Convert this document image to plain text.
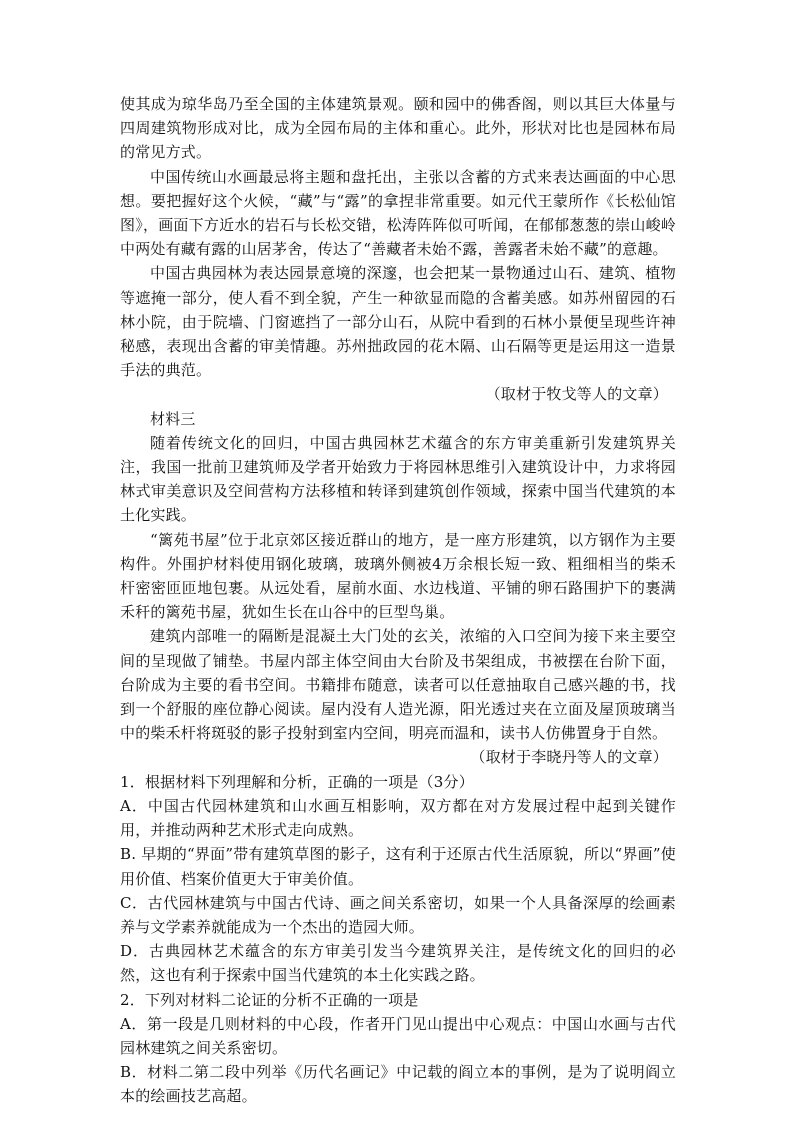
使其成为琼华岛乃至全国的主体建筑景观。颐和园中的佛香阁，则以其巨大体量与四周建筑物形成对比，成为全园布局的主体和重心。此外，形状对比也是园林布局的常见方式。

中国传统山水画最忌将主题和盘托出，主张以含蓄的方式来表达画面的中心思想。要把握好这个火候，“藏”与“露”的拿捏非常重要。如元代王蒙所作《长松仙馆图》，画面下方近水的岩石与长松交错，松涛阵阵似可听闻，在郁郁葱葱的崇山峻岭中两处有藏有露的山居茅舍，传达了“善藏者未始不露，善露者未始不藏”的意趣。

中国古典园林为表达园景意境的深邃，也会把某一景物通过山石、建筑、植物等遮掩一部分，使人看不到全貌，产生一种欲显而隐的含蓄美感。如苏州留园的石林小院，由于院墙、门窗遮挡了一部分山石，从院中看到的石林小景便呈现些许神秘感，表现出含蓄的审美情趣。苏州拙政园的花木隔、山石隔等更是运用这一造景手法的典范。

（取材于牧戈等人的文章）

材料三

随着传统文化的回归，中国古典园林艺术蕴含的东方审美重新引发建筑界关注，我国一批前卫建筑师及学者开始致力于将园林思维引入建筑设计中，力求将园林式审美意识及空间营构方法移植和转译到建筑创作领域，探索中国当代建筑的本土化实践。

“篱苑书屋”位于北京郊区接近群山的地方，是一座方形建筑，以方钢作为主要构件。外围护材料使用钢化玻璃，玻璃外侧被4万余根长短一致、粗细相当的柴禾杆密密匝匝地包裹。从远处看，屋前水面、水边栈道、平铺的卵石路围护下的裹满禾秆的篱苑书屋，犹如生长在山谷中的巨型鸟巢。

建筑内部唯一的隔断是混凝土大门处的玄关，浓缩的入口空间为接下来主要空间的呈现做了铺垫。书屋内部主体空间由大台阶及书架组成，书被摆在台阶下面，台阶成为主要的看书空间。书籍排布随意，读者可以任意抽取自己感兴趣的书，找到一个舒服的座位静心阅读。屋内没有人造光源，阳光透过夹在立面及屋顶玻璃当中的柴禾杆将斑驳的影子投射到室内空间，明亮而温和，读书人仿佛置身于自然。

（取材于李晓丹等人的文章）

1．根据材料下列理解和分析，正确的一项是（3分）

A．中国古代园林建筑和山水画互相影响，双方都在对方发展过程中起到关键作用，并推动两种艺术形式走向成熟。

B. 早期的“界面”带有建筑草图的影子，这有利于还原古代生活原貌，所以“界画”使用价值、档案价值更大于审美价值。

C．古代园林建筑与中国古代诗、画之间关系密切，如果一个人具备深厚的绘画素养与文学素养就能成为一个杰出的造园大师。

D．古典园林艺术蕴含的东方审美引发当今建筑界关注，是传统文化的回归的必然，这也有利于探索中国当代建筑的本土化实践之路。

2．下列对材料二论证的分析不正确的一项是

A．第一段是几则材料的中心段，作者开门见山提出中心观点：中国山水画与古代园林建筑之间关系密切。

B．材料二第二段中列举《历代名画记》中记载的阎立本的事例，是为了说明阎立本的绘画技艺高超。
